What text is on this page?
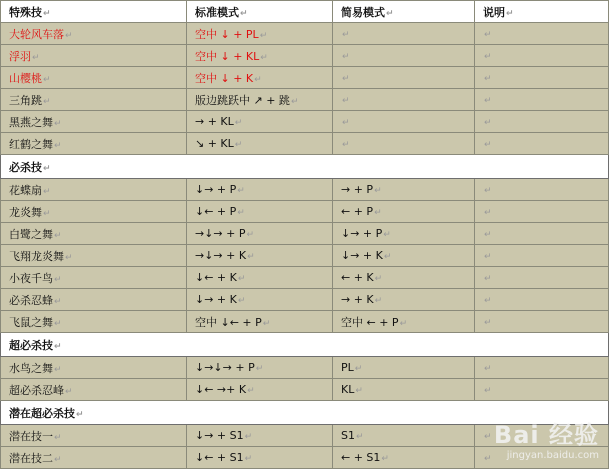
特殊技↵	标准模式↵	简易模式↵	说明↵
大轮风车落↵	空中 ↓ + PL↵	↵	↵
浮羽↵	空中 ↓ + KL↵	↵	↵
山樱桃↵	空中 ↓ + K↵	↵	↵
三角跳↵	版边跳跃中 ↗ + 跳↵	↵	↵
黑燕之舞↵	→ + KL↵	↵	↵
红鹤之舞↵	↘ + KL↵	↵	↵
必杀技↵			
花蝶扇↵	↓→ + P↵	→ + P↵	↵
龙炎舞↵	↓← + P↵	← + P↵	↵
白鹭之舞↵	→↓→ + P↵	↓→ + P↵	↵
飞翔龙炎舞↵	→↓→ + K↵	↓→ + K↵	↵
小夜千鸟↵	↓← + K↵	← + K↵	↵
必杀忍蜂↵	↓→ + K↵	→ + K↵	↵
飞鼠之舞↵	空中 ↓← + P↵	空中 ← + P↵	↵
超必杀技↵			
水鸟之舞↵	↓→↓→ + P↵	PL↵	↵
超必杀忍峰↵	↓← →+ K↵	KL↵	↵
潜在超必杀技↵			
潜在技一↵	↓→ + S1↵	S1↵	↵
潜在技二↵	↓← + S1↵	← + S1↵	↵
Bai 经验
jingyan.baidu.com
